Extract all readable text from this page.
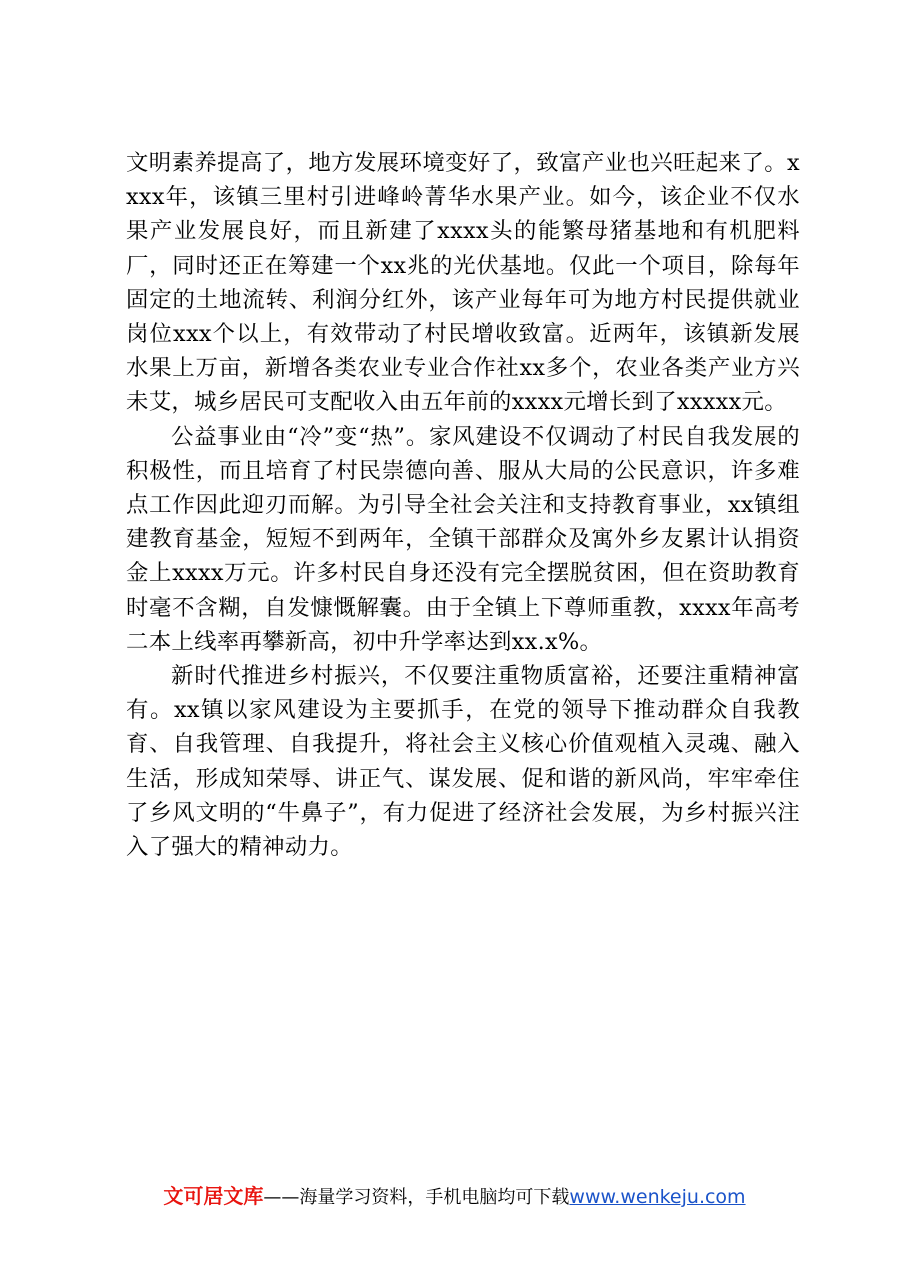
文明素养提高了，地方发展环境变好了，致富产业也兴旺起来了。xxxx年，该镇三里村引进峰岭菁华水果产业。如今，该企业不仅水果产业发展良好，而且新建了xxxx头的能繁母猪基地和有机肥料厂，同时还正在筹建一个xx兆的光伏基地。仅此一个项目，除每年固定的土地流转、利润分红外，该产业每年可为地方村民提供就业岗位xxx个以上，有效带动了村民增收致富。近两年，该镇新发展水果上万亩，新增各类农业专业合作社xx多个，农业各类产业方兴未艾，城乡居民可支配收入由五年前的xxxx元增长到了xxxxx元。

公益事业由“冷”变“热”。家风建设不仅调动了村民自我发展的积极性，而且培育了村民崇德向善、服从大局的公民意识，许多难点工作因此迎刃而解。为引导全社会关注和支持教育事业，xx镇组建教育基金，短短不到两年，全镇干部群众及寓外乡友累计认捐资金上xxxx万元。许多村民自身还没有完全摆脱贫困，但在资助教育时毫不含糊，自发慷慨解囊。由于全镇上下尊师重教，xxxx年高考二本上线率再攀新高，初中升学率达到xx.x%。

新时代推进乡村振兴，不仅要注重物质富裕，还要注重精神富有。xx镇以家风建设为主要抓手，在党的领导下推动群众自我教育、自我管理、自我提升，将社会主义核心价值观植入灵魂、融入生活，形成知荣辱、讲正气、谋发展、促和谐的新风尚，牢牢牵住了乡风文明的“牛鼻子”，有力促进了经济社会发展，为乡村振兴注入了强大的精神动力。

文可居文库——海量学习资料，手机电脑均可下载www.wenkeju.com
